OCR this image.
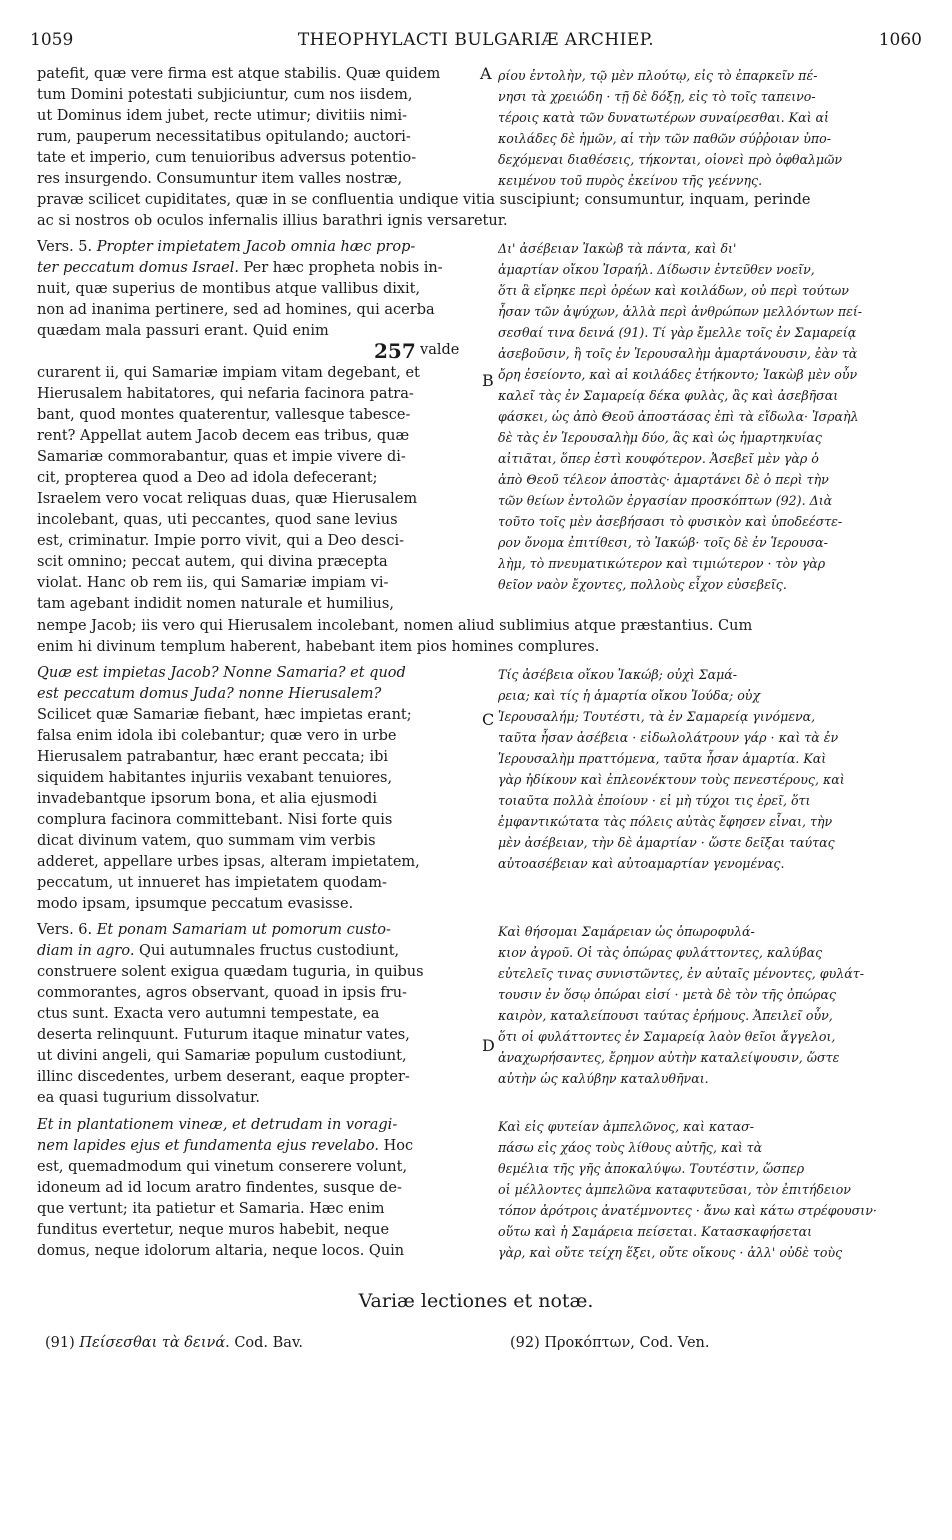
1059	THEOPHYLACTI BULGARIÆ ARCHIEP.	1060
patefit, quæ vere firma est atque stabilis. Quæ quidem
tum Domini potestati subjiciuntur, cum nos iisdem,
ut Dominus idem jubet, recte utimur; divitiis nimi-
rum, pauperum necessitatibus opitulando; auctori-
tate et imperio, cum tenuioribus adversus potentio-
res insurgendo. Consumuntur item valles nostræ,
A ρίου ἐντολὴν, τῷ μὲν πλούτῳ, εἰς τὸ ἐπαρκεῖν πέ-
νησι τὰ χρειώδη · τῇ δὲ δόξῃ, εἰς τὸ τοῖς ταπεινο-
τέροις κατὰ τῶν δυνατωτέρων συναίρεσθαι. Καὶ αἱ
κοιλάδες δὲ ἡμῶν, αἱ τὴν τῶν παθῶν σύῤῥοιαν ὑπο-
δεχόμεναι διαθέσεις, τήκονται, οἱονεὶ πρὸ ὀφθαλμῶν
κειμένου τοῦ πυρὸς ἐκείνου τῆς γεέννης.
pravæ scilicet cupiditates, quæ in se confluentia undique vitia suscipiunt; consumuntur, inquam, perinde
ac si nostros ob oculos infernalis illius barathri ignis versaretur.
Vers. 5. Propter impietatem Jacob omnia hæc prop-
ter peccatum domus Israel. Per hæc propheta nobis in-
nuit, quæ superius de montibus atque vallibus dixit,
non ad inanima pertinere, sed ad homines, qui acerba
quædam mala passuri erant. Quid enim
curarent ii, qui Samariæ impiam vitam degebant, et
Hierusalem habitatores, qui nefaria facinora patra-
bant, quod montes quaterentur, vallesque tabesce-
rent? Appellat autem Jacob decem eas tribus, quæ
Samariæ commorabantur, quas et impie vivere di-
cit, propterea quod a Deo ad idola defecerant;
Israelem vero vocat reliquas duas, quæ Hierusalem
incolebant, quas, uti peccantes, quod sane levius
est, criminatur. Impie porro vivit, qui a Deo desci-
scit omnino; peccat autem, qui divina præcepta
violat. Hanc ob rem iis, qui Samariæ impiam vi-
tam agebant indidit nomen naturale et humilius,
257 valde
B
Δι' ἀσέβειαν Ἰακὼβ τὰ πάντα, καὶ δι'
ἁμαρτίαν οἴκου Ἰσραήλ. Δίδωσιν ἐντεῦθεν νοεῖν,
ὅτι ἃ εἴρηκε περὶ ὀρέων καὶ κοιλάδων, οὐ περὶ τούτων
ἦσαν τῶν ἀψύχων, ἀλλὰ περὶ ἀνθρώπων μελλόντων πεί-
σεσθαί τινα δεινά (91). Τί γὰρ ἔμελλε τοῖς ἐν Σαμαρείᾳ
ἀσεβοῦσιν, ἢ τοῖς ἐν Ἱερουσαλὴμ ἁμαρτάνουσιν, ἐὰν τὰ
ὄρη ἐσείοντο, καὶ αἱ κοιλάδες ἐτήκοντο; Ἰακὼβ μὲν οὖν
καλεῖ τὰς ἐν Σαμαρείᾳ δέκα φυλὰς, ἃς καὶ ἀσεβῆσαι
φάσκει, ὡς ἀπὸ Θεοῦ ἀποστάσας ἐπὶ τὰ εἴδωλα· Ἰσραὴλ
δὲ τὰς ἐν Ἱερουσαλὴμ δύο, ἃς καὶ ὡς ἡμαρτηκυίας
αἰτιᾶται, ὅπερ ἐστὶ κουφότερον. Ἀσεβεῖ μὲν γὰρ ὁ
ἀπὸ Θεοῦ τέλεον ἀποστὰς· ἁμαρτάνει δὲ ὁ περὶ τὴν
τῶν θείων ἐντολῶν ἐργασίαν προσκόπτων (92). Διὰ
τοῦτο τοῖς μὲν ἀσεβήσασι τὸ φυσικὸν καὶ ὑποδεέστε-
ρον ὄνομα ἐπιτίθεσι, τὸ Ἰακώβ· τοῖς δὲ ἐν Ἱερουσα-
λὴμ, τὸ πνευματικώτερον καὶ τιμιώτερον · τὸν γὰρ
θεῖον ναὸν ἔχοντες, πολλοὺς εἶχον εὐσεβεῖς.
nempe Jacob; iis vero qui Hierusalem incolebant, nomen aliud sublimius atque præstantius. Cum
enim hi divinum templum haberent, habebant item pios homines complures.
Quæ est impietas Jacob? Nonne Samaria? et quod
est peccatum domus Juda? nonne Hierusalem?
Scilicet quæ Samariæ fiebant, hæc impietas erant;
falsa enim idola ibi colebantur; quæ vero in urbe
Hierusalem patrabantur, hæc erant peccata; ibi
siquidem habitantes injuriis vexabant tenuiores,
invadebantque ipsorum bona, et alia ejusmodi
complura facinora committebant. Nisi forte quis
dicat divinum vatem, quo summam vim verbis
adderet, appellare urbes ipsas, alteram impietatem,
peccatum, ut innueret has impietatem quodam-
modo ipsam, ipsumque peccatum evasisse.
C
Τίς ἀσέβεια οἴκου Ἰακώβ; οὐχὶ Σαμά-
ρεια; καὶ τίς ἡ ἁμαρτία οἴκου Ἰούδα; οὐχ
Ἱερουσαλήμ; Τουτέστι, τὰ ἐν Σαμαρείᾳ γινόμενα,
ταῦτα ἦσαν ἀσέβεια · εἰδωλολάτρουν γάρ · καὶ τὰ ἐν
Ἱερουσαλὴμ πραττόμενα, ταῦτα ἦσαν ἁμαρτία. Καὶ
γὰρ ἠδίκουν καὶ ἐπλεονέκτουν τοὺς πενεστέρους, καὶ
τοιαῦτα πολλὰ ἐποίουν · εἰ μὴ τύχοι τις ἐρεῖ, ὅτι
ἐμφαντικώτατα τὰς πόλεις αὐτὰς ἔφησεν εἶναι, τὴν
μὲν ἀσέβειαν, τὴν δὲ ἁμαρτίαν · ὥστε δεῖξαι ταύτας
αὐτοασέβειαν καὶ αὐτοαμαρτίαν γενομένας.
Vers. 6. Et ponam Samariam ut pomorum custo-
diam in agro. Qui autumnales fructus custodiunt,
construere solent exigua quædam tuguria, in quibus
commorantes, agros observant, quoad in ipsis fru-
ctus sunt. Exacta vero autumni tempestate, ea
deserta relinquunt. Futurum itaque minatur vates,
ut divini angeli, qui Samariæ populum custodiunt,
illinc discedentes, urbem deserant, eaque propter-
ea quasi tugurium dissolvatur.
D
Καὶ θήσομαι Σαμάρειαν ὡς ὀπωροφυλά-
κιον ἀγροῦ. Οἱ τὰς ὀπώρας φυλάττοντες, καλύβας
εὐτελεῖς τινας συνιστῶντες, ἐν αὐταῖς μένοντες, φυλάτ-
τουσιν ἐν ὅσῳ ὀπώραι εἰσί · μετὰ δὲ τὸν τῆς ὀπώρας
καιρὸν, καταλείπουσι ταύτας ἐρήμους. Ἀπειλεῖ οὖν,
ὅτι οἱ φυλάττοντες ἐν Σαμαρείᾳ λαὸν θεῖοι ἄγγελοι,
ἀναχωρήσαντες, ἔρημον αὐτὴν καταλείψουσιν, ὥστε
αὐτὴν ὡς καλύβην καταλυθῆναι.
Et in plantationem vineæ, et detrudam in voragi-
nem lapides ejus et fundamenta ejus revelabo. Hoc
est, quemadmodum qui vinetum conserere volunt,
idoneum ad id locum aratro findentes, susque de-
que vertunt; ita patietur et Samaria. Hæc enim
funditus evertetur, neque muros habebit, neque
domus, neque idolorum altaria, neque locos. Quin
Καὶ εἰς φυτείαν ἀμπελῶνος, καὶ κατασ-
πάσω εἰς χάος τοὺς λίθους αὐτῆς, καὶ τὰ
θεμέλια τῆς γῆς ἀποκαλύψω. Τουτέστιν, ὥσπερ
οἱ μέλλοντες ἀμπελῶνα καταφυτεῦσαι, τὸν ἐπιτήδειον
τόπον ἀρότροις ἀνατέμνοντες · ἄνω καὶ κάτω στρέφουσιν·
οὕτω καὶ ἡ Σαμάρεια πείσεται. Κατασκαφήσεται
γὰρ, καὶ οὔτε τείχη ἕξει, οὔτε οἴκους · ἀλλ' οὐδὲ τοὺς
Variæ lectiones et notæ.
(91) Πείσεσθαι τὰ δεινά. Cod. Bav.	(92) Προκόπτων, Cod. Ven.
